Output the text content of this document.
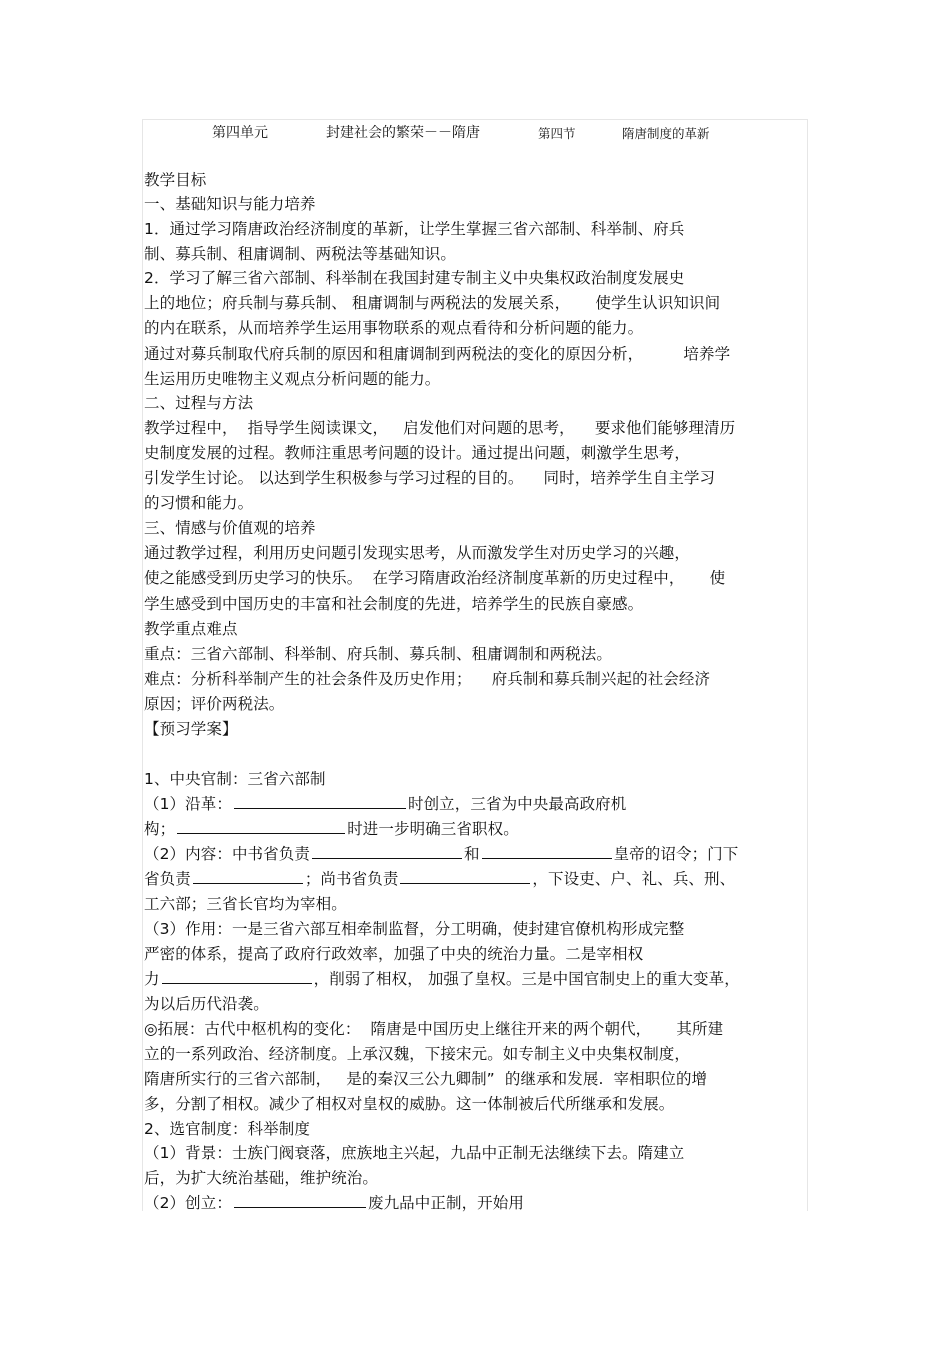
第四单元	封建社会的繁荣－－隋唐	第四节	隋唐制度的革新
教学目标
一、基础知识与能力培养
1．通过学习隋唐政治经济制度的革新，让学生掌握三省六部制、科举制、府兵
制、募兵制、租庸调制、两税法等基础知识。
2．学习了解三省六部制、科举制在我国封建专制主义中央集权政治制度发展史
上的地位；府兵制与募兵制、 租庸调制与两税法的发展关系，     使学生认识知识间
的内在联系，从而培养学生运用事物联系的观点看待和分析问题的能力。
通过对募兵制取代府兵制的原因和租庸调制到两税法的变化的原因分析，        培养学
生运用历史唯物主义观点分析问题的能力。
二、过程与方法
教学过程中，  指导学生阅读课文，   启发他们对问题的思考，    要求他们能够理清历
史制度发展的过程。教师注重思考问题的设计。通过提出问题，刺激学生思考，
引发学生讨论。 以达到学生积极参与学习过程的目的。    同时，培养学生自主学习
的习惯和能力。
三、情感与价值观的培养
通过教学过程，利用历史问题引发现实思考，从而激发学生对历史学习的兴趣，
使之能感受到历史学习的快乐。  在学习隋唐政治经济制度革新的历史过程中，     使
学生感受到中国历史的丰富和社会制度的先进，培养学生的民族自豪感。
教学重点难点
重点：三省六部制、科举制、府兵制、募兵制、租庸调制和两税法。
难点：分析科举制产生的社会条件及历史作用；    府兵制和募兵制兴起的社会经济
原因；评价两税法。
【预习学案】
1、中央官制：三省六部制
（1）沿革：	时创立，三省为中央最高政府机
构；	时进一步明确三省职权。
（2）内容：中书省负责	和	皇帝的诏令；门下
省负责	；尚书省负责	，下设吏、户、礼、兵、刑、
工六部；三省长官均为宰相。
（3）作用：一是三省六部互相牵制监督，分工明确，使封建官僚机构形成完整
严密的体系，提高了政府行政效率，加强了中央的统治力量。二是宰相权
力	，削弱了相权， 加强了皇权。三是中国官制史上的重大变革，
为以后历代沿袭。
◎拓展：古代中枢机构的变化：  隋唐是中国历史上继往开来的两个朝代，     其所建
立的一系列政治、经济制度。上承汉魏，下接宋元。如专制主义中央集权制度，
隋唐所实行的三省六部制，   是的秦汉三公九卿制”  的继承和发展.  宰相职位的增
多，分割了相权。减少了相权对皇权的威胁。这一体制被后代所继承和发展。
2、选官制度：科举制度
（1）背景：士族门阀衰落，庶族地主兴起，九品中正制无法继续下去。隋建立
后，为扩大统治基础，维护统治。
（2）创立：	废九品中正制，开始用
